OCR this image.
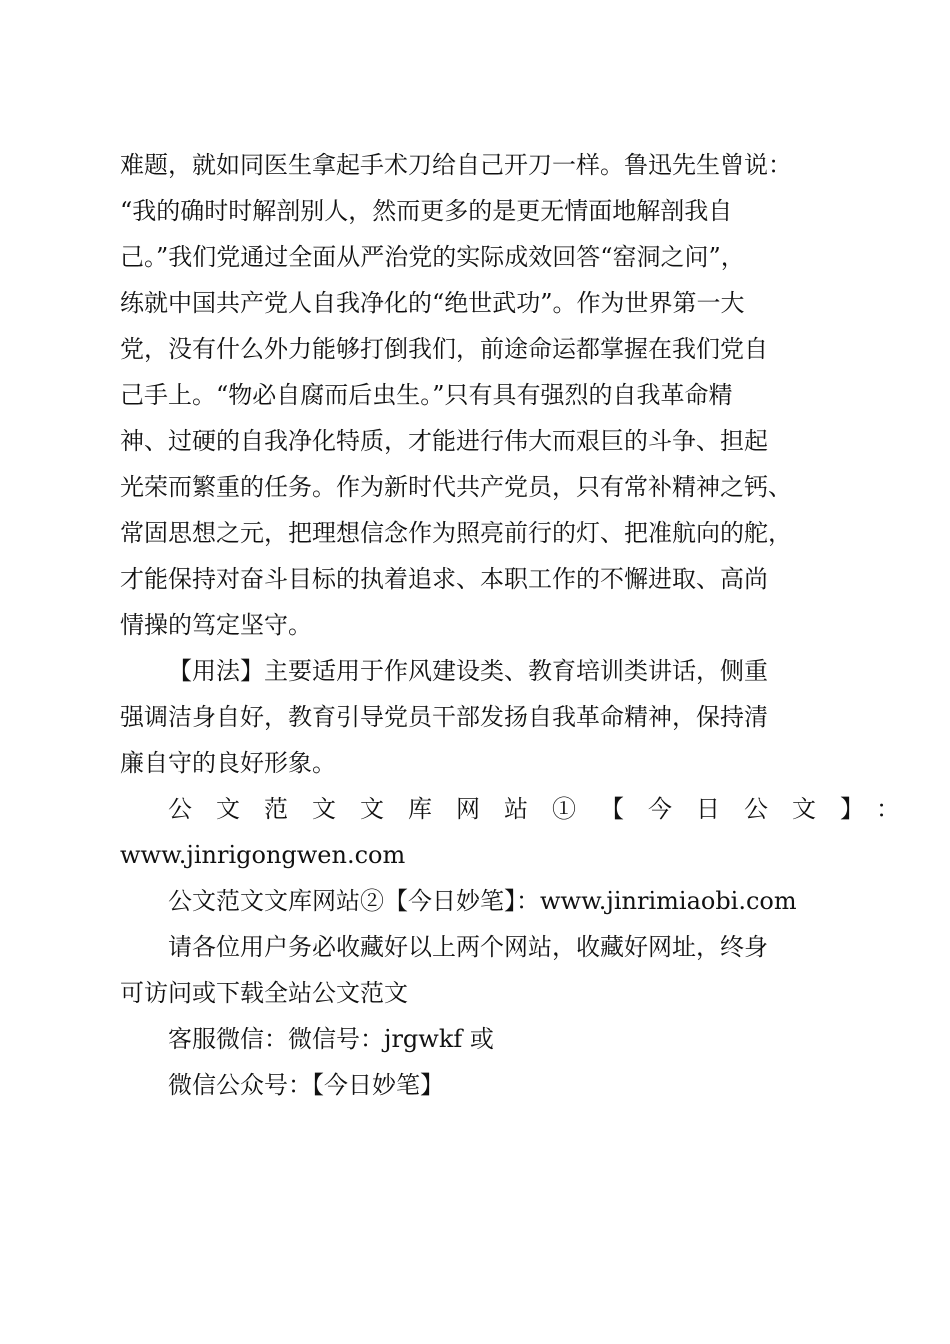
难题，就如同医生拿起手术刀给自己开刀一样。鲁迅先生曾说：
“我的确时时解剖别人，然而更多的是更无情面地解剖我自
己。”我们党通过全面从严治党的实际成效回答“窑洞之问”，
练就中国共产党人自我净化的“绝世武功”。作为世界第一大
党，没有什么外力能够打倒我们，前途命运都掌握在我们党自
己手上。“物必自腐而后虫生。”只有具有强烈的自我革命精
神、过硬的自我净化特质，才能进行伟大而艰巨的斗争、担起
光荣而繁重的任务。作为新时代共产党员，只有常补精神之钙、
常固思想之元，把理想信念作为照亮前行的灯、把准航向的舵，
才能保持对奋斗目标的执着追求、本职工作的不懈进取、高尚
情操的笃定坚守。
【用法】主要适用于作风建设类、教育培训类讲话，侧重
强调洁身自好，教育引导党员干部发扬自我革命精神，保持清
廉自守的良好形象。
公文范文文库网站①【今日公文】：
www.jinrigongwen.com
公文范文文库网站②【今日妙笔】：www.jinrimiaobi.com
请各位用户务必收藏好以上两个网站，收藏好网址，终身
可访问或下载全站公文范文
客服微信：微信号：jrgwkf 或
微信公众号：【今日妙笔】
